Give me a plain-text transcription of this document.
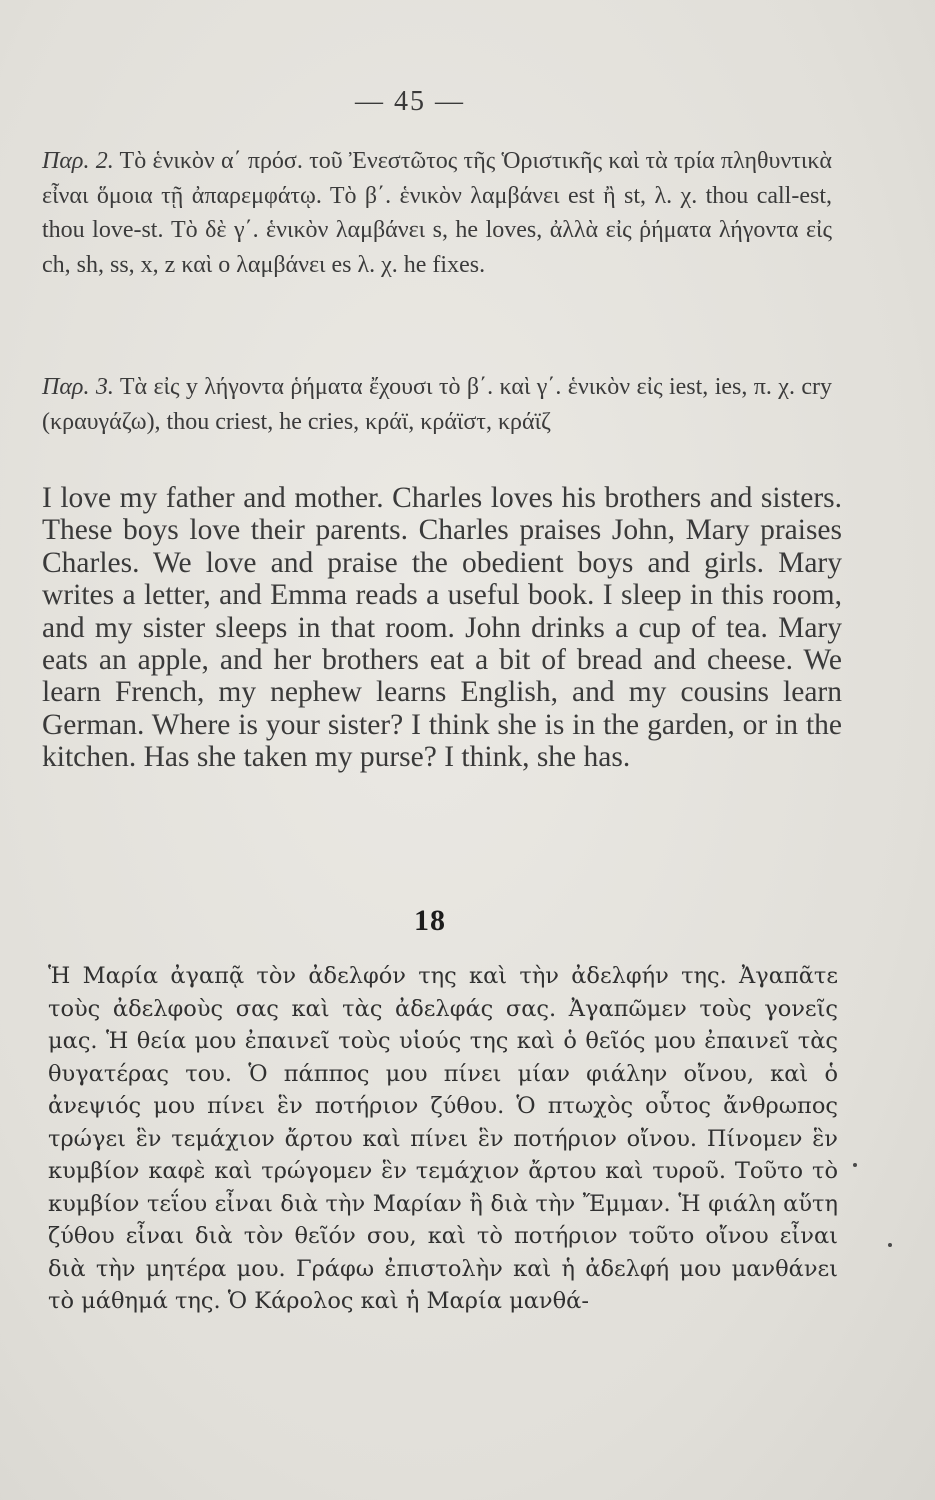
— 45 —
Παρ. 2. Τὸ ἑνικὸν α΄ πρόσ. τοῦ Ἐνεστῶτος τῆς Ὁριστικῆς καὶ τὰ τρία πληθυντικὰ εἶναι ὅμοια τῇ ἀπαρεμφάτῳ. Τὸ β΄. ἑνικὸν λαμβάνει est ἢ st, λ. χ. thou call-est, thou love-st. Τὸ δὲ γ΄. ἑνικὸν λαμβάνει s, he loves, ἀλλὰ εἰς ῥήματα λήγοντα εἰς ch, sh, ss, x, z καὶ o λαμβάνει es λ. χ. he fixes.
Παρ. 3. Τὰ εἰς y λήγοντα ῥήματα ἔχουσι τὸ β΄. καὶ γ΄. ἑνικὸν εἰς iest, ies, π. χ. cry (κραυγάζω), thou criest, he cries, κράϊ, κράϊστ, κράϊζ
I love my father and mother. Charles loves his brothers and sisters. These boys love their parents. Charles praises John, Mary praises Charles. We love and praise the obedient boys and girls. Mary writes a letter, and Emma reads a useful book. I sleep in this room, and my sister sleeps in that room. John drinks a cup of tea. Mary eats an apple, and her brothers eat a bit of bread and cheese. We learn French, my nephew learns English, and my cousins learn German. Where is your sister? I think she is in the garden, or in the kitchen. Has she taken my purse? I think, she has.
18
Ἡ Μαρία ἀγαπᾷ τὸν ἀδελφόν της καὶ τὴν ἀδελφήν της. Ἀγαπᾶτε τοὺς ἀδελφοὺς σας καὶ τὰς ἀδελφάς σας. Ἀγαπῶμεν τοὺς γονεῖς μας. Ἡ θεία μου ἐπαινεῖ τοὺς υἱούς της καὶ ὁ θεῖός μου ἐπαινεῖ τὰς θυγατέρας του. Ὁ πάππος μου πίνει μίαν φιάλην οἴνου, καὶ ὁ ἀνεψιός μου πίνει ἓν ποτήριον ζύθου. Ὁ πτωχὸς οὗτος ἄνθρωπος τρώγει ἓν τεμάχιον ἄρτου καὶ πίνει ἓν ποτήριον οἴνου. Πίνομεν ἓν κυμβίον καφὲ καὶ τρώγομεν ἓν τεμάχιον ἄρτου καὶ τυροῦ. Τοῦτο τὸ κυμβίον τεΐου εἶναι διὰ τὴν Μαρίαν ἢ διὰ τὴν Ἔμμαν. Ἡ φιάλη αὕτη ζύθου εἶναι διὰ τὸν θεῖόν σου, καὶ τὸ ποτήριον τοῦτο οἴνου εἶναι διὰ τὴν μητέρα μου. Γράφω ἐπιστολὴν καὶ ἡ ἀδελφή μου μανθάνει τὸ μάθημά της. Ὁ Κάρολος καὶ ἡ Μαρία μανθά-
